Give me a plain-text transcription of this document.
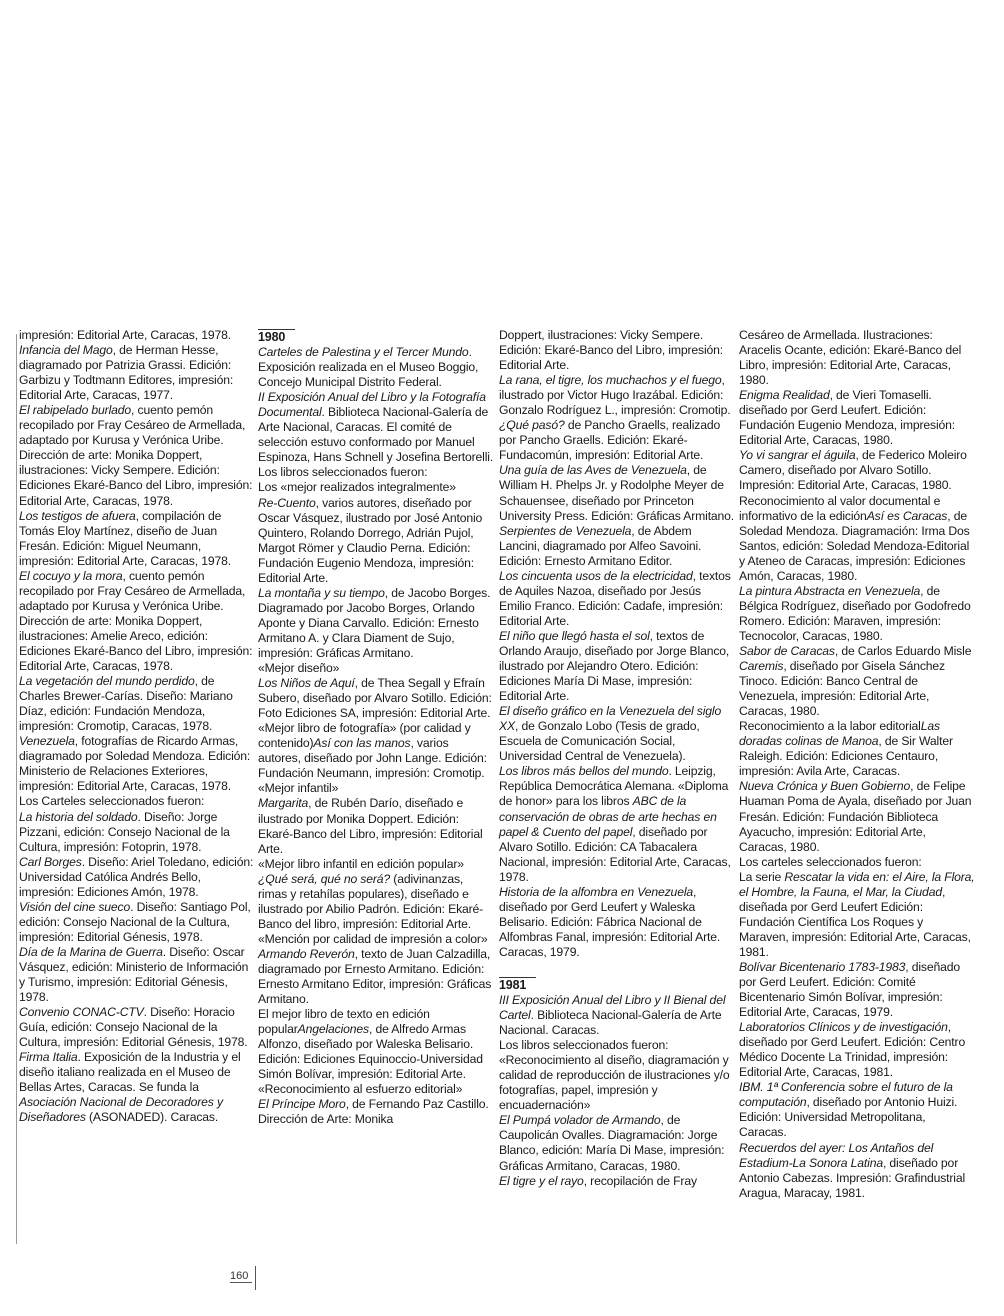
impresión: Editorial Arte, Caracas, 1978.
Infancia del Mago, de Herman Hesse, diagramado por Patrizia Grassi. Edición: Garbizu y Todtmann Editores, impresión: Editorial Arte, Caracas, 1977.
El rabipelado burlado, cuento pemón recopilado por Fray Cesáreo de Armellada, adaptado por Kurusa y Verónica Uribe. Dirección de arte: Monika Doppert, ilustraciones: Vicky Sempere. Edición: Ediciones Ekaré-Banco del Libro, impresión: Editorial Arte, Caracas, 1978.
Los testigos de afuera, compilación de Tomás Eloy Martínez, diseño de Juan Fresán. Edición: Miguel Neumann, impresión: Editorial Arte, Caracas, 1978.
El cocuyo y la mora, cuento pemón recopilado por Fray Cesáreo de Armellada, adaptado por Kurusa y Verónica Uribe. Dirección de arte: Monika Doppert, ilustraciones: Amelie Areco, edición: Ediciones Ekaré-Banco del Libro, impresión: Editorial Arte, Caracas, 1978.
La vegetación del mundo perdido, de Charles Brewer-Carías. Diseño: Mariano Díaz, edición: Fundación Mendoza, impresión: Cromotip, Caracas, 1978.
Venezuela, fotografías de Ricardo Armas, diagramado por Soledad Mendoza. Edición: Ministerio de Relaciones Exteriores, impresión: Editorial Arte, Caracas, 1978.
Los Carteles seleccionados fueron:
La historia del soldado. Diseño: Jorge Pizzani, edición: Consejo Nacional de la Cultura, impresión: Fotoprin, 1978.
Carl Borges. Diseño: Ariel Toledano, edición: Universidad Católica Andrés Bello, impresión: Ediciones Amón, 1978.
Visión del cine sueco. Diseño: Santiago Pol, edición: Consejo Nacional de la Cultura, impresión: Editorial Génesis, 1978.
Día de la Marina de Guerra. Diseño: Oscar Vásquez, edición: Ministerio de Información y Turismo, impresión: Editorial Génesis, 1978.
Convenio CONAC-CTV. Diseño: Horacio Guía, edición: Consejo Nacional de la Cultura, impresión: Editorial Génesis, 1978.
Firma Italia. Exposición de la Industria y el diseño italiano realizada en el Museo de Bellas Artes, Caracas. Se funda la Asociación Nacional de Decoradores y Diseñadores (ASONADED). Caracas.

1980

Carteles de Palestina y el Tercer Mundo. Exposición realizada en el Museo Boggio, Concejo Municipal Distrito Federal.
II Exposición Anual del Libro y la Fotografía Documental. Biblioteca Nacional-Galería de Arte Nacional, Caracas. El comité de selección estuvo conformado por Manuel Espinoza, Hans Schnell y Josefina Bertorelli.
Los libros seleccionados fueron:
Los «mejor realizados integralmente»
Re-Cuento, varios autores, diseñado por Oscar Vásquez, ilustrado por José Antonio Quintero, Rolando Dorrego, Adrián Pujol, Margot Römer y Claudio Perna. Edición: Fundación Eugenio Mendoza, impresión: Editorial Arte.
La montaña y su tiempo, de Jacobo Borges. Diagramado por Jacobo Borges, Orlando Aponte y Diana Carvallo. Edición: Ernesto Armitano A. y Clara Diament de Sujo, impresión: Gráficas Armitano.
«Mejor diseño»
Los Niños de Aquí, de Thea Segall y Efraín Subero, diseñado por Alvaro Sotillo. Edición: Foto Ediciones SA, impresión: Editorial Arte.
«Mejor libro de fotografía» (por calidad y contenido)Así con las manos, varios autores, diseñado por John Lange. Edición: Fundación Neumann, impresión: Cromotip.
«Mejor infantil»
Margarita, de Rubén Darío, diseñado e ilustrado por Monika Doppert. Edición: Ekaré-Banco del Libro, impresión: Editorial Arte.
«Mejor libro infantil en edición popular»
¿Qué será, qué no será? (adivinanzas, rimas y retahílas populares), diseñado e ilustrado por Abilio Padrón. Edición: Ekaré-Banco del libro, impresión: Editorial Arte.
«Mención por calidad de impresión a color»
Armando Reverón, texto de Juan Calzadilla, diagramado por Ernesto Armitano. Edición: Ernesto Armitano Editor, impresión: Gráficas Armitano.
El mejor libro de texto en edición popularAngelaciones, de Alfredo Armas Alfonzo, diseñado por Waleska Belisario. Edición: Ediciones Equinoccio-Universidad Simón Bolívar, impresión: Editorial Arte.
«Reconocimiento al esfuerzo editorial»
El Príncipe Moro, de Fernando Paz Castillo. Dirección de Arte: Monika

Doppert, ilustraciones: Vicky Sempere. Edición: Ekaré-Banco del Libro, impresión: Editorial Arte.
La rana, el tigre, los muchachos y el fuego, ilustrado por Victor Hugo Irazábal. Edición: Gonzalo Rodríguez L., impresión: Cromotip.
¿Qué pasó? de Pancho Graells, realizado por Pancho Graells. Edición: Ekaré-Fundacomún, impresión: Editorial Arte.
Una guía de las Aves de Venezuela, de William H. Phelps Jr. y Rodolphe Meyer de Schauensee, diseñado por Princeton University Press. Edición: Gráficas Armitano.
Serpientes de Venezuela, de Abdem Lancini, diagramado por Alfeo Savoini. Edición: Ernesto Armitano Editor.
Los cincuenta usos de la electricidad, textos de Aquiles Nazoa, diseñado por Jesús Emilio Franco. Edición: Cadafe, impresión: Editorial Arte.
El niño que llegó hasta el sol, textos de Orlando Araujo, diseñado por Jorge Blanco, ilustrado por Alejandro Otero. Edición: Ediciones María Di Mase, impresión: Editorial Arte.
El diseño gráfico en la Venezuela del siglo XX, de Gonzalo Lobo (Tesis de grado, Escuela de Comunicación Social, Universidad Central de Venezuela).
Los libros más bellos del mundo. Leipzig, República Democrática Alemana. «Diploma de honor» para los libros ABC de la conservación de obras de arte hechas en papel & Cuento del papel, diseñado por Alvaro Sotillo. Edición: CA Tabacalera Nacional, impresión: Editorial Arte, Caracas, 1978.
Historia de la alfombra en Venezuela, diseñado por Gerd Leufert y Waleska Belisario. Edición: Fábrica Nacional de Alfombras Fanal, impresión: Editorial Arte. Caracas, 1979.

1981

III Exposición Anual del Libro y II Bienal del Cartel. Biblioteca Nacional-Galería de Arte Nacional. Caracas.
Los libros seleccionados fueron:
«Reconocimiento al diseño, diagramación y calidad de reproducción de ilustraciones y/o fotografías, papel, impresión y encuadernación»
El Pumpá volador de Armando, de Caupolicán Ovalles. Diagramación: Jorge Blanco, edición: María Di Mase, impresión: Gráficas Armitano, Caracas, 1980.
El tigre y el rayo, recopilación de Fray

Cesáreo de Armellada. Ilustraciones: Aracelis Ocante, edición: Ekaré-Banco del Libro, impresión: Editorial Arte, Caracas, 1980.
Enigma Realidad, de Vieri Tomaselli. diseñado por Gerd Leufert. Edición: Fundación Eugenio Mendoza, impresión: Editorial Arte, Caracas, 1980.
Yo vi sangrar el águila, de Federico Moleiro Camero, diseñado por Alvaro Sotillo. Impresión: Editorial Arte, Caracas, 1980.
Reconocimiento al valor documental e informativo de la ediciónAsí es Caracas, de Soledad Mendoza. Diagramación: Irma Dos Santos, edición: Soledad Mendoza-Editorial y Ateneo de Caracas, impresión: Ediciones Amón, Caracas, 1980.
La pintura Abstracta en Venezuela, de Bélgica Rodríguez, diseñado por Godofredo Romero. Edición: Maraven, impresión: Tecnocolor, Caracas, 1980.
Sabor de Caracas, de Carlos Eduardo Misle Caremis, diseñado por Gisela Sánchez Tinoco. Edición: Banco Central de Venezuela, impresión: Editorial Arte, Caracas, 1980.
Reconocimiento a la labor editorialLas doradas colinas de Manoa, de Sir Walter Raleigh. Edición: Ediciones Centauro, impresión: Avila Arte, Caracas.
Nueva Crónica y Buen Gobierno, de Felipe Huaman Poma de Ayala, diseñado por Juan Fresán. Edición: Fundación Biblioteca Ayacucho, impresión: Editorial Arte, Caracas, 1980.
Los carteles seleccionados fueron:
La serie Rescatar la vida en: el Aire, la Flora, el Hombre, la Fauna, el Mar, la Ciudad, diseñada por Gerd Leufert Edición: Fundación Científica Los Roques y Maraven, impresión: Editorial Arte, Caracas, 1981.
Bolívar Bicentenario 1783-1983, diseñado por Gerd Leufert. Edición: Comité Bicentenario Simón Bolívar, impresión: Editorial Arte, Caracas, 1979.
Laboratorios Clínicos y de investigación, diseñado por Gerd Leufert. Edición: Centro Médico Docente La Trinidad, impresión: Editorial Arte, Caracas, 1981.
IBM. 1ª Conferencia sobre el futuro de la computación, diseñado por Antonio Huizi. Edición: Universidad Metropolitana, Caracas.
Recuerdos del ayer: Los Antaños del Estadium-La Sonora Latina, diseñado por Antonio Cabezas. Impresión: Grafindustrial Aragua, Maracay, 1981.

160
